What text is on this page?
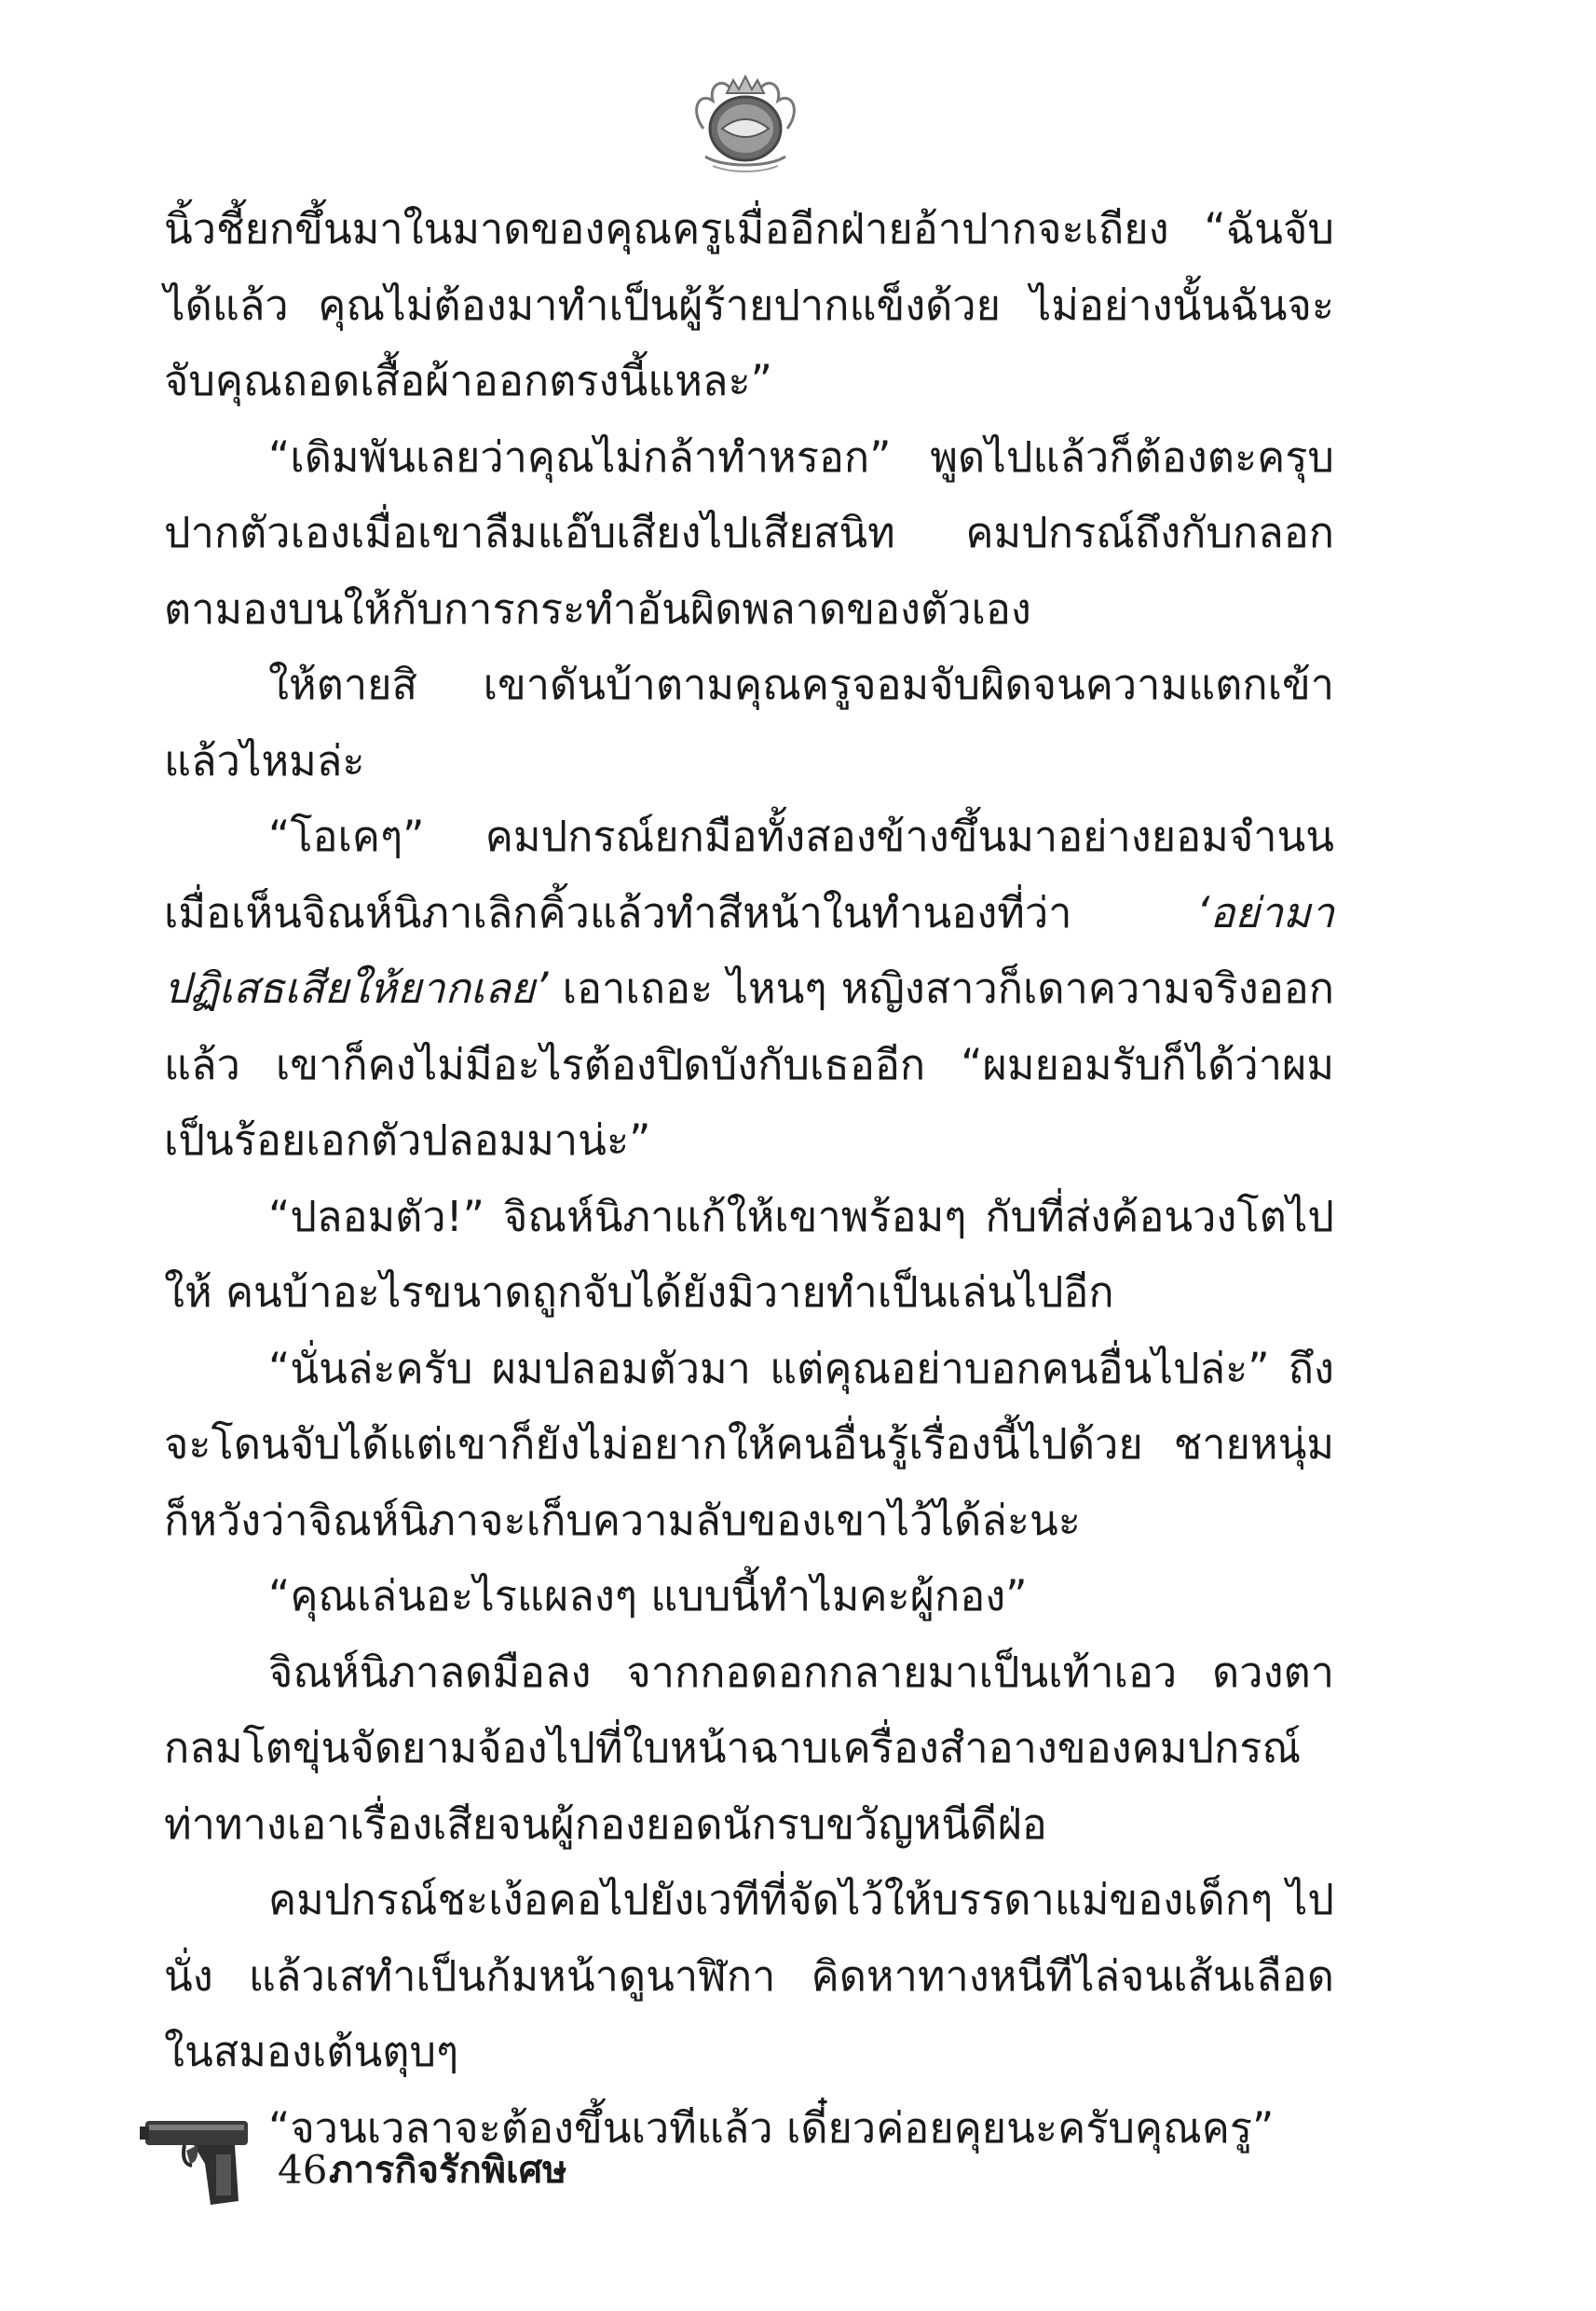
นิ้วชี้ยกขึ้นมาในมาดของคุณครูเมื่ออีกฝ่ายอ้าปากจะเถียง “ฉันจับได้แล้ว คุณไม่ต้องมาทำเป็นผู้ร้ายปากแข็งด้วย ไม่อย่างนั้นฉันจะจับคุณถอดเสื้อผ้าออกตรงนี้แหละ”

“เดิมพันเลยว่าคุณไม่กล้าทำหรอก” พูดไปแล้วก็ต้องตะครุบปากตัวเองเมื่อเขาลืมแอ๊บเสียงไปเสียสนิท คมปกรณ์ถึงกับกลอกตามองบนให้กับการกระทำอันผิดพลาดของตัวเอง

ให้ตายสิ เขาดันบ้าตามคุณครูจอมจับผิดจนความแตกเข้าแล้วไหมล่ะ

“โอเคๆ” คมปกรณ์ยกมือทั้งสองข้างขึ้นมาอย่างยอมจำนนเมื่อเห็นจิณห์นิภาเลิกคิ้วแล้วทำสีหน้าในทำนองที่ว่า ‘อย่ามาปฏิเสธเสียให้ยากเลย’ เอาเถอะ ไหนๆ หญิงสาวก็เดาความจริงออกแล้ว เขาก็คงไม่มีอะไรต้องปิดบังกับเธออีก “ผมยอมรับก็ได้ว่าผมเป็นร้อยเอกตัวปลอมมาน่ะ”

“ปลอมตัว!” จิณห์นิภาแก้ให้เขาพร้อมๆ กับที่ส่งค้อนวงโตไปให้ คนบ้าอะไรขนาดถูกจับได้ยังมิวายทำเป็นเล่นไปอีก

“นั่นล่ะครับ ผมปลอมตัวมา แต่คุณอย่าบอกคนอื่นไปล่ะ” ถึงจะโดนจับได้แต่เขาก็ยังไม่อยากให้คนอื่นรู้เรื่องนี้ไปด้วย ชายหนุ่มก็หวังว่าจิณห์นิภาจะเก็บความลับของเขาไว้ได้ล่ะนะ

“คุณเล่นอะไรแผลงๆ แบบนี้ทำไมคะผู้กอง”

จิณห์นิภาลดมือลง จากกอดอกกลายมาเป็นเท้าเอว ดวงตากลมโตขุ่นจัดยามจ้องไปที่ใบหน้าฉาบเครื่องสำอางของคมปกรณ์ท่าทางเอาเรื่องเสียจนผู้กองยอดนักรบขวัญหนีดีฝ่อ

คมปกรณ์ชะเง้อคอไปยังเวทีที่จัดไว้ให้บรรดาแม่ของเด็กๆ ไปนั่ง แล้วเสทำเป็นก้มหน้าดูนาฬิกา คิดหาทางหนีทีไล่จนเส้นเลือดในสมองเต้นตุบๆ

“จวนเวลาจะต้องขึ้นเวทีแล้ว เดี๋ยวค่อยคุยนะครับคุณครู”

46 ภารกิจรักพิเศษ
